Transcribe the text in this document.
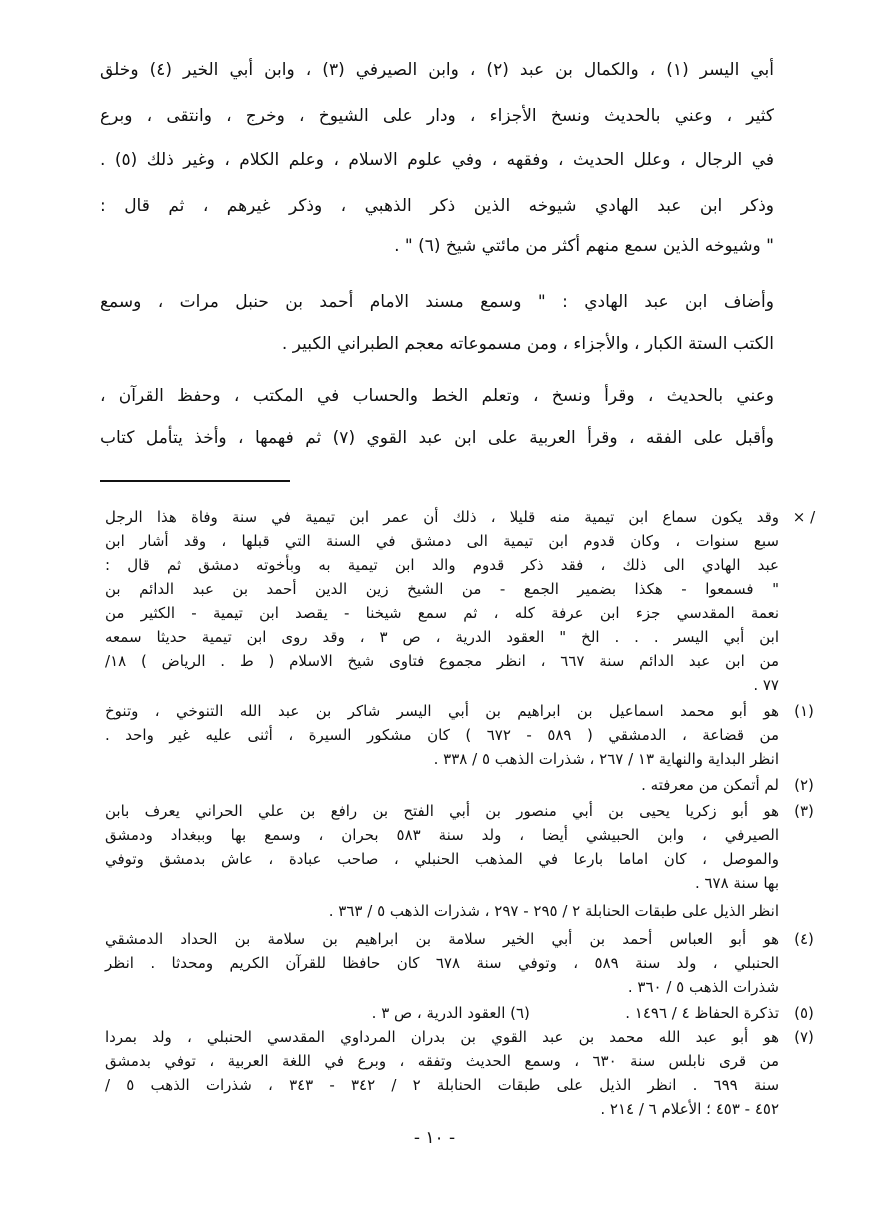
أبي اليسر (١) ، والكمال بن عبد (٢) ، وابن الصيرفي (٣) ، وابن أبي الخير (٤) وخلق
كثير ، وعني بالحديث ونسخ الأجزاء ، ودار على الشيوخ ، وخرج ، وانتقى ، وبرع
في الرجال ، وعلل الحديث ، وفقهه ، وفي علوم الاسلام ، وعلم الكلام ، وغير ذلك (٥) .
وذكر ابن عبد الهادي شيوخه الذين ذكر الذهبي ، وذكر غيرهم ، ثم قال :
" وشيوخه الذين سمع منهم أكثر من مائتي شيخ (٦) " .
وأضاف ابن عبد الهادي : " وسمع مسند الامام أحمد بن حنبل مرات ، وسمع
الكتب الستة الكبار ، والأجزاء ، ومن مسموعاته معجم الطبراني الكبير .
وعني بالحديث ، وقرأ ونسخ ، وتعلم الخط والحساب في المكتب ، وحفظ القرآن ،
وأقبل على الفقه ، وقرأ العربية على ابن عبد القوي (٧) ثم فهمها ، وأخذ يتأمل كتاب
/ ×
وقد يكون سماع ابن تيمية منه قليلا ، ذلك أن عمر ابن تيمية في سنة وفاة هذا الرجل
سبع سنوات ، وكان قدوم ابن تيمية الى دمشق في السنة التي قبلها ، وقد أشار ابن
عبد الهادي الى ذلك ، فقد ذكر قدوم والد ابن تيمية به وبأخوته دمشق ثم قال :
" فسمعوا - هكذا بضمير الجمع - من الشيخ زين الدين أحمد بن عبد الدائم بن
نعمة المقدسي جزء ابن عرفة كله ، ثم سمع شيخنا - يقصد ابن تيمية - الكثير من
ابن أبي اليسر . . . الخ " العقود الدرية ، ص ٣ ، وقد روى ابن تيمية حديثا سمعه
من ابن عبد الدائم سنة ٦٦٧ ، انظر مجموع فتاوى شيخ الاسلام ( ط . الرياض ) ١٨/
٧٧ .
(١)
هو أبو محمد اسماعيل بن ابراهيم بن أبي اليسر شاكر بن عبد الله التنوخي ، وتنوخ
من قضاعة ، الدمشقي ( ٥٨٩ - ٦٧٢ ) كان مشكور السيرة ، أثنى عليه غير واحد .
انظر البداية والنهاية ١٣ / ٢٦٧ ، شذرات الذهب ٥ / ٣٣٨ .
(٢)
لم أتمكن من معرفته .
(٣)
هو أبو زكريا يحيى بن أبي منصور بن أبي الفتح بن رافع بن علي الحراني يعرف بابن
الصيرفي ، وابن الحبيشي أيضا ، ولد سنة ٥٨٣ بحران ، وسمع بها وببغداد ودمشق
والموصل ، كان اماما بارعا في المذهب الحنبلي ، صاحب عبادة ، عاش بدمشق وتوفي
بها سنة ٦٧٨ .
انظر الذيل على طبقات الحنابلة ٢ / ٢٩٥ - ٢٩٧ ، شذرات الذهب ٥ / ٣٦٣ .
(٤)
هو أبو العباس أحمد بن أبي الخير سلامة بن ابراهيم بن سلامة بن الحداد الدمشقي
الحنبلي ، ولد سنة ٥٨٩ ، وتوفي سنة ٦٧٨ كان حافظا للقرآن الكريم ومحدثا . انظر
شذرات الذهب ٥ / ٣٦٠ .
(٥)
تذكرة الحفاظ ٤ / ١٤٩٦ .                    (٦) العقود الدرية ، ص ٣ .
(٧)
هو أبو عبد الله محمد بن عبد القوي بن بدران المرداوي المقدسي الحنبلي ، ولد بمردا
من قرى نابلس سنة ٦٣٠ ، وسمع الحديث وتفقه ، وبرع في اللغة العربية ، توفي بدمشق
سنة ٦٩٩ . انظر الذيل على طبقات الحنابلة ٢ / ٣٤٢ - ٣٤٣ ، شذرات الذهب ٥ /
٤٥٢ - ٤٥٣ ؛ الأعلام ٦ / ٢١٤ .
- ١٠ -
